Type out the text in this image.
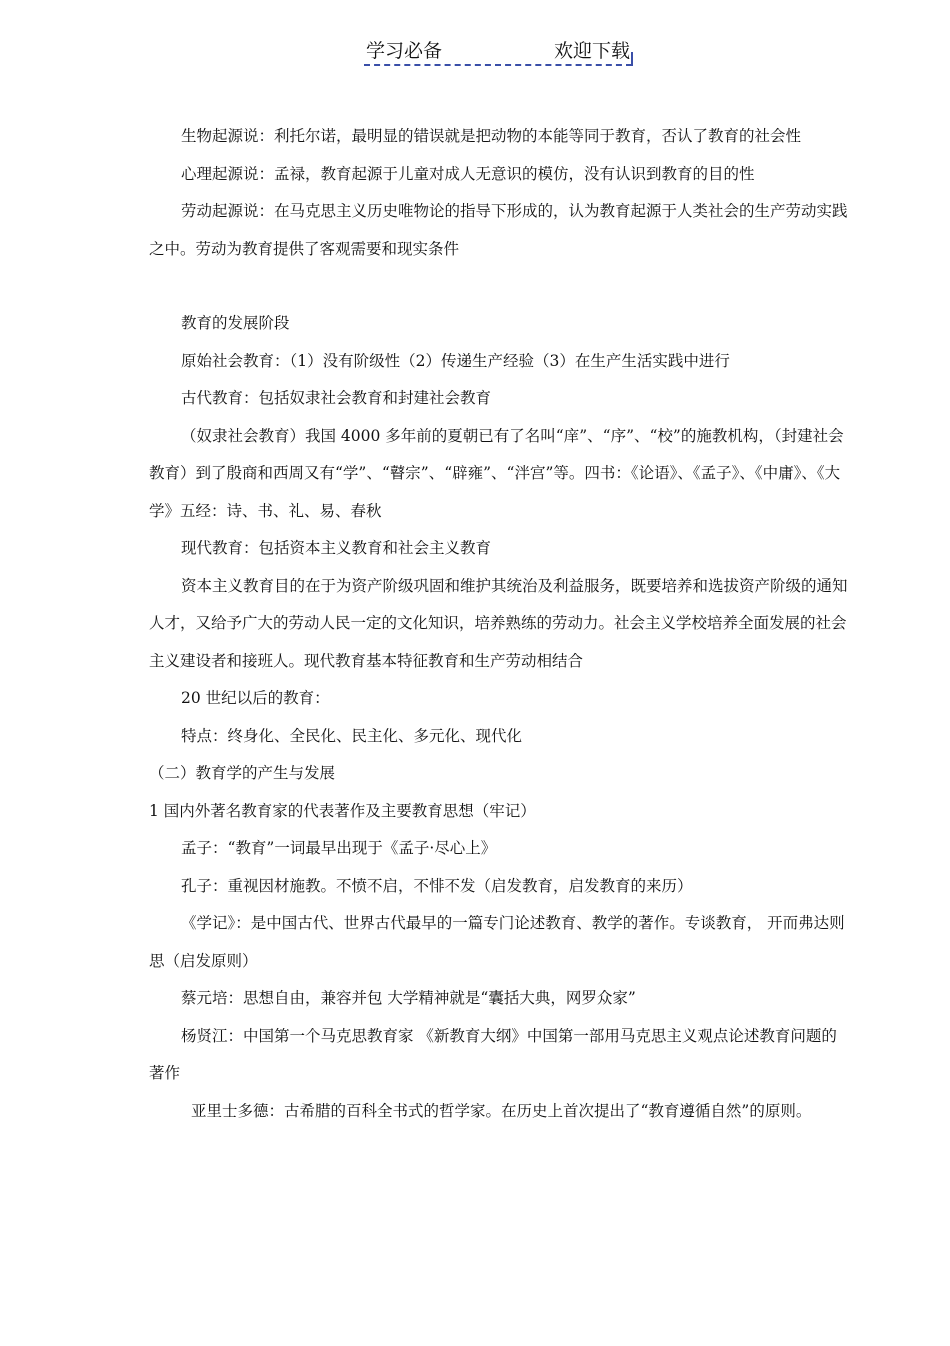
学习必备	欢迎下载

生物起源说：利托尔诺，最明显的错误就是把动物的本能等同于教育，否认了教育的社会性

心理起源说：孟禄，教育起源于儿童对成人无意识的模仿，没有认识到教育的目的性

劳动起源说：在马克思主义历史唯物论的指导下形成的，认为教育起源于人类社会的生产劳动实践之中。劳动为教育提供了客观需要和现实条件

教育的发展阶段

原始社会教育：（1）没有阶级性（2）传递生产经验（3）在生产生活实践中进行

古代教育：包括奴隶社会教育和封建社会教育

（奴隶社会教育）我国 4000 多年前的夏朝已有了名叫“庠”、“序”、“校”的施教机构，（封建社会教育）到了殷商和西周又有“学”、“瞽宗”、“辟雍”、“泮宫”等。四书：《论语》、《孟子》、《中庸》、《大学》五经：诗、书、礼、易、春秋

现代教育：包括资本主义教育和社会主义教育

资本主义教育目的在于为资产阶级巩固和维护其统治及利益服务，既要培养和选拔资产阶级的通知人才，又给予广大的劳动人民一定的文化知识，培养熟练的劳动力。社会主义学校培养全面发展的社会主义建设者和接班人。现代教育基本特征教育和生产劳动相结合

20 世纪以后的教育：

特点：终身化、全民化、民主化、多元化、现代化

（二）教育学的产生与发展

1 国内外著名教育家的代表著作及主要教育思想（牢记）

孟子：“教育”一词最早出现于《孟子·尽心上》

孔子：重视因材施教。不愤不启，不悱不发（启发教育，启发教育的来历）

《学记》：是中国古代、世界古代最早的一篇专门论述教育、教学的著作。专谈教育， 开而弗达则思（启发原则）

蔡元培：思想自由，兼容并包 大学精神就是“囊括大典，网罗众家”

杨贤江：中国第一个马克思教育家 《新教育大纲》中国第一部用马克思主义观点论述教育问题的著作

亚里士多德：古希腊的百科全书式的哲学家。在历史上首次提出了“教育遵循自然”的原则。
